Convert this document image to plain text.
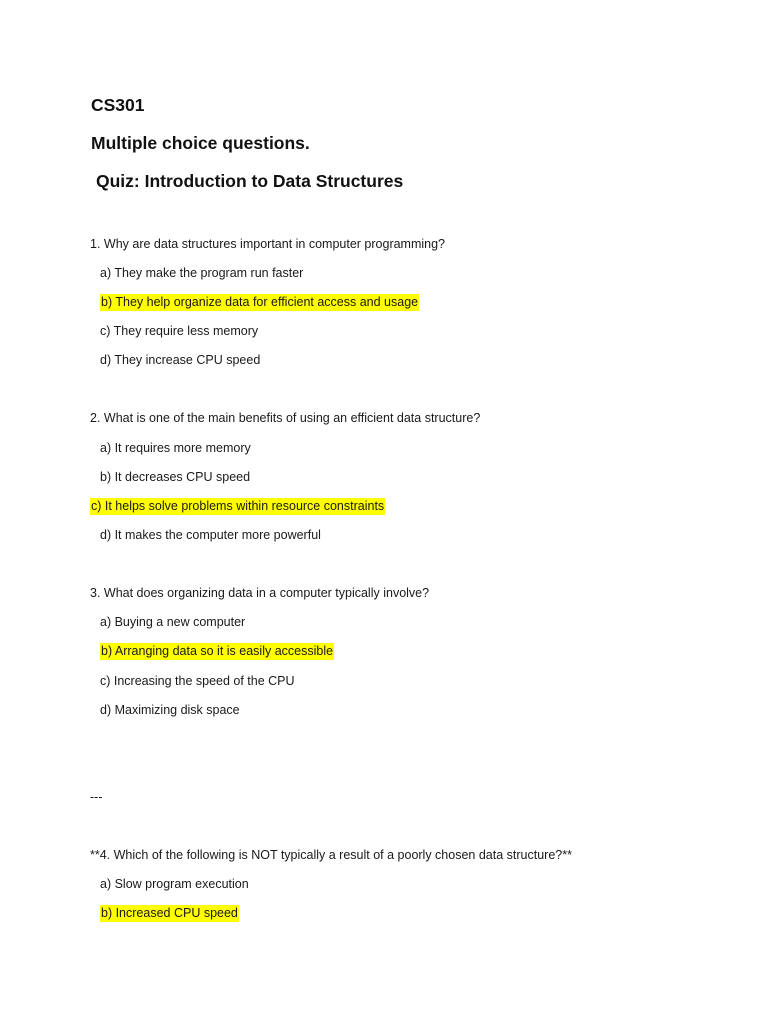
CS301
Multiple choice questions.
Quiz: Introduction to Data Structures
1. Why are data structures important in computer programming?
a) They make the program run faster
b) They help organize data for efficient access and usage
c) They require less memory
d) They increase CPU speed
2. What is one of the main benefits of using an efficient data structure?
a) It requires more memory
b) It decreases CPU speed
c) It helps solve problems within resource constraints
d) It makes the computer more powerful
3. What does organizing data in a computer typically involve?
a) Buying a new computer
b) Arranging data so it is easily accessible
c) Increasing the speed of the CPU
d) Maximizing disk space
---
**4. Which of the following is NOT typically a result of a poorly chosen data structure?**
a) Slow program execution
b) Increased CPU speed
